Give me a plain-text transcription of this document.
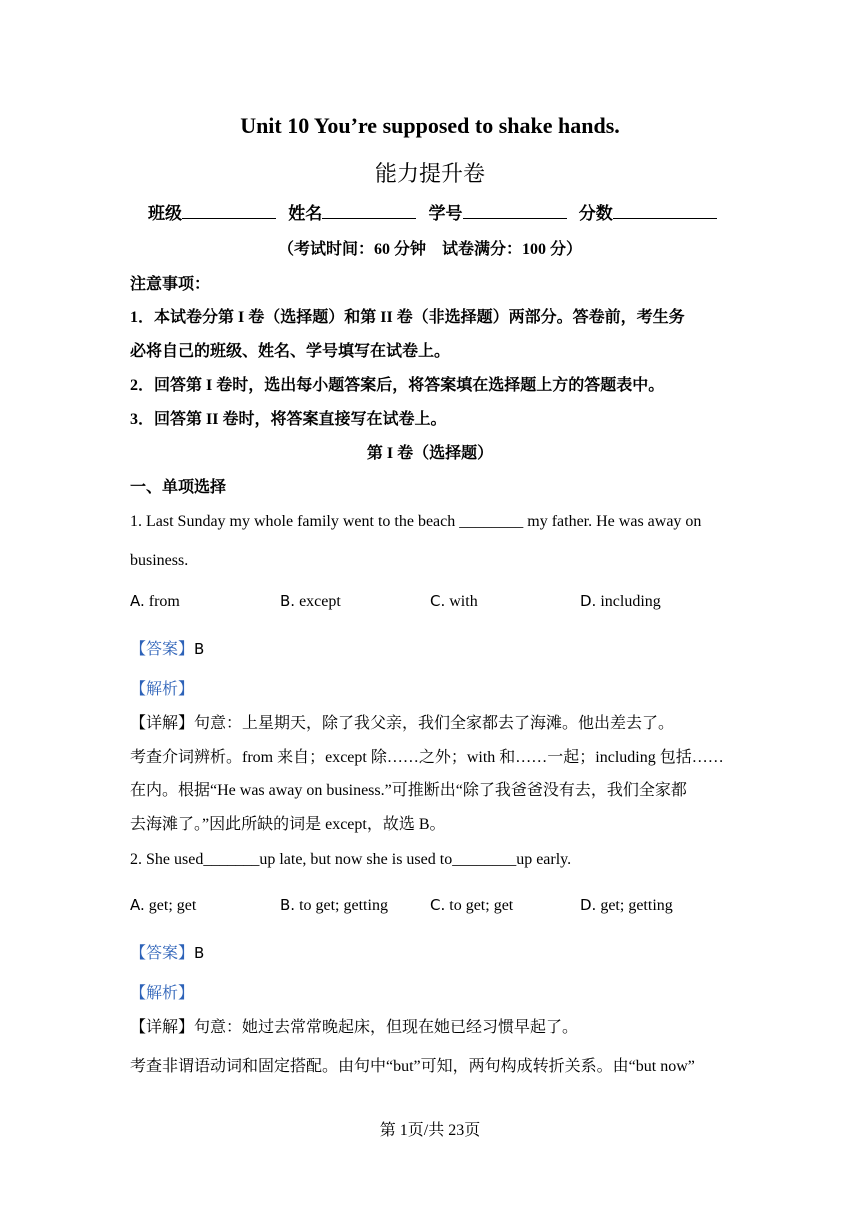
Unit 10 You’re supposed to shake hands.
能力提升卷
班级	姓名	学号	分数
（考试时间：60 分钟　试卷满分：100 分）
注意事项：
1．本试卷分第 I 卷（选择题）和第 II 卷（非选择题）两部分。答卷前，考生务
必将自己的班级、姓名、学号填写在试卷上。
2．回答第 I 卷时，选出每小题答案后，将答案填在选择题上方的答题表中。
3．回答第 II 卷时，将答案直接写在试卷上。
第 I 卷（选择题）
一、单项选择
1. Last Sunday my whole family went to the beach ________ my father. He was away on
business.
A. from	B. except	C. with	D. including
【答案】B
【解析】
【详解】句意：上星期天，除了我父亲，我们全家都去了海滩。他出差去了。
考查介词辨析。from 来自；except 除……之外；with 和……一起；including 包括……
在内。根据“He was away on business.”可推断出“除了我爸爸没有去，我们全家都
去海滩了。”因此所缺的词是 except，故选 B。
2. She used_______up late, but now she is used to________up early.
A. get; get	B. to get; getting	C. to get; get	D. get; getting
【答案】B
【解析】
【详解】句意：她过去常常晚起床，但现在她已经习惯早起了。
考查非谓语动词和固定搭配。由句中“but”可知，两句构成转折关系。由“but now”
第 1页/共 23页
